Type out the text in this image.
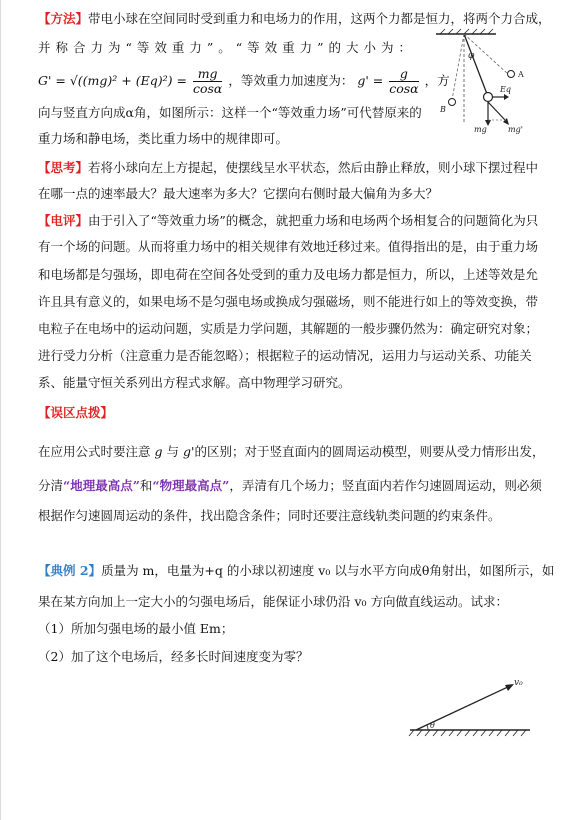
【方法】带电小球在空间同时受到重力和电场力的作用，这两个力都是恒力，将两个力合成，
并称合力为“等效重力”。“等效重力”的大小为：
$G' = √((mg)^2 + (Eq)^2) = \frac{mg}{\cos\alpha}$ ，等效重力加速度为： $g' = \frac{g}{\cos\alpha}$ ，方
向与竖直方向成α角，如图所示：这样一个“等效重力场”可代替原来的
重力场和静电场，类比重力场中的规律即可。
φ
A
B
Eq
mg	mg'
【思考】若将小球向左上方提起，使摆线呈水平状态，然后由静止释放，则小球下摆过程中
在哪一点的速率最大？最大速率为多大？它摆向右侧时最大偏角为多大？
【电评】由于引入了“等效重力场”的概念，就把重力场和电场两个场相复合的问题简化为只
有一个场的问题。从而将重力场中的相关规律有效地迁移过来。值得指出的是，由于重力场
和电场都是匀强场，即电荷在空间各处受到的重力及电场力都是恒力，所以，上述等效是允
许且具有意义的，如果电场不是匀强电场或换成匀强磁场，则不能进行如上的等效变换，带
电粒子在电场中的运动问题，实质是力学问题，其解题的一般步骤仍然为：确定研究对象；
进行受力分析（注意重力是否能忽略）；根据粒子的运动情况，运用力与运动关系、功能关
系、能量守恒关系列出方程式求解。高中物理学习研究。
【误区点拨】
在应用公式时要注意 g 与 g'的区别；对于竖直面内的圆周运动模型，则要从受力情形出发，
分清“地理最高点”和“物理最高点”，弄清有几个场力；竖直面内若作匀速圆周运动，则必须
根据作匀速圆周运动的条件，找出隐含条件；同时还要注意线轨类问题的约束条件。
【典例 2】质量为 m，电量为+q 的小球以初速度 v₀ 以与水平方向成θ角射出，如图所示，如
果在某方向加上一定大小的匀强电场后，能保证小球仍沿 v₀ 方向做直线运动。试求：
（1）所加匀强电场的最小值 Em；
（2）加了这个电场后，经多长时间速度变为零？
v₀
θ
